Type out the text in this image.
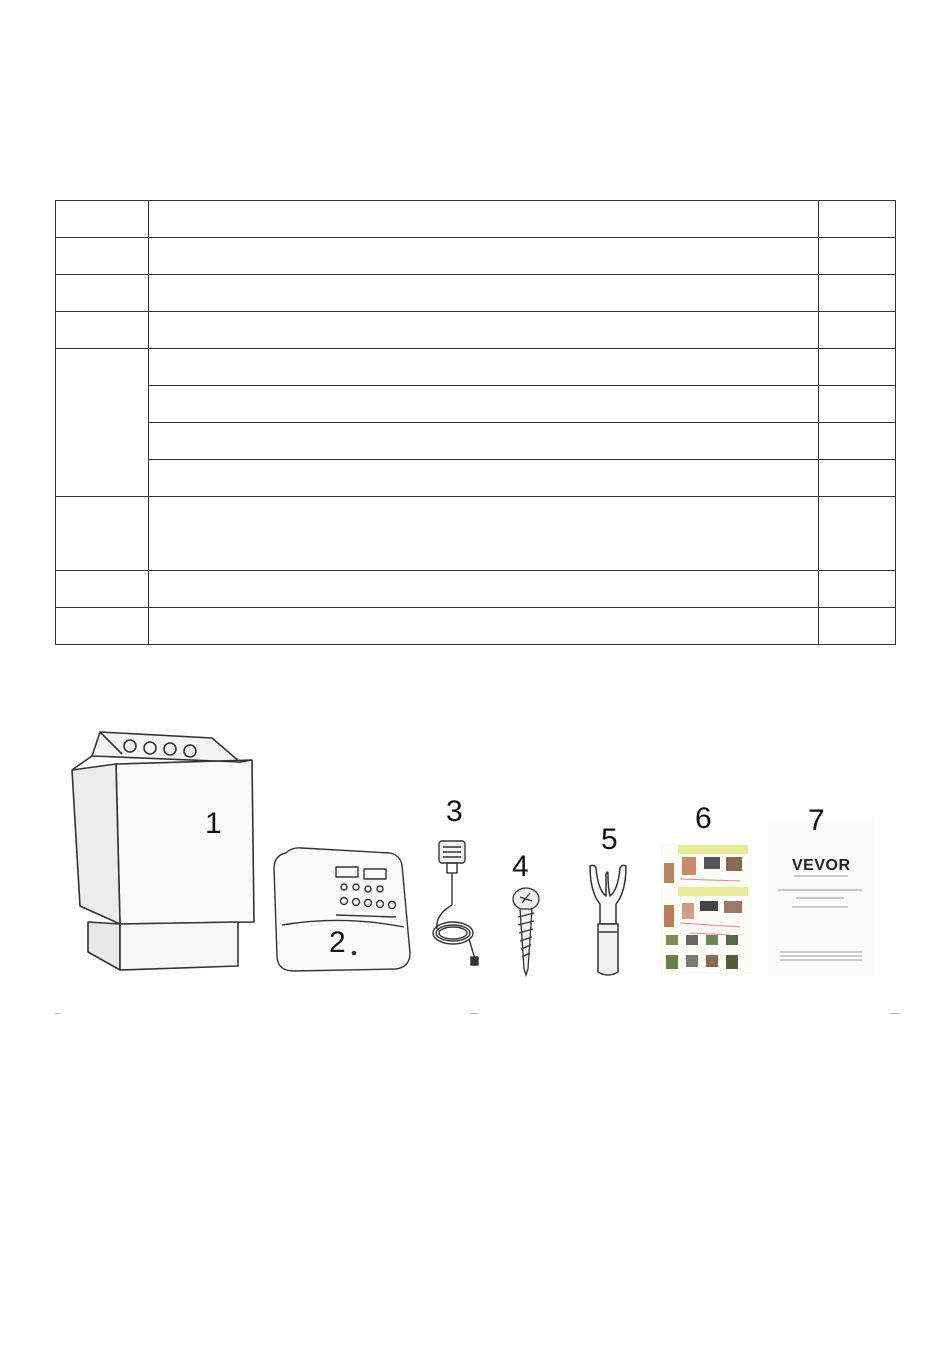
1
2
3
4
5
6
VEVOR
7
